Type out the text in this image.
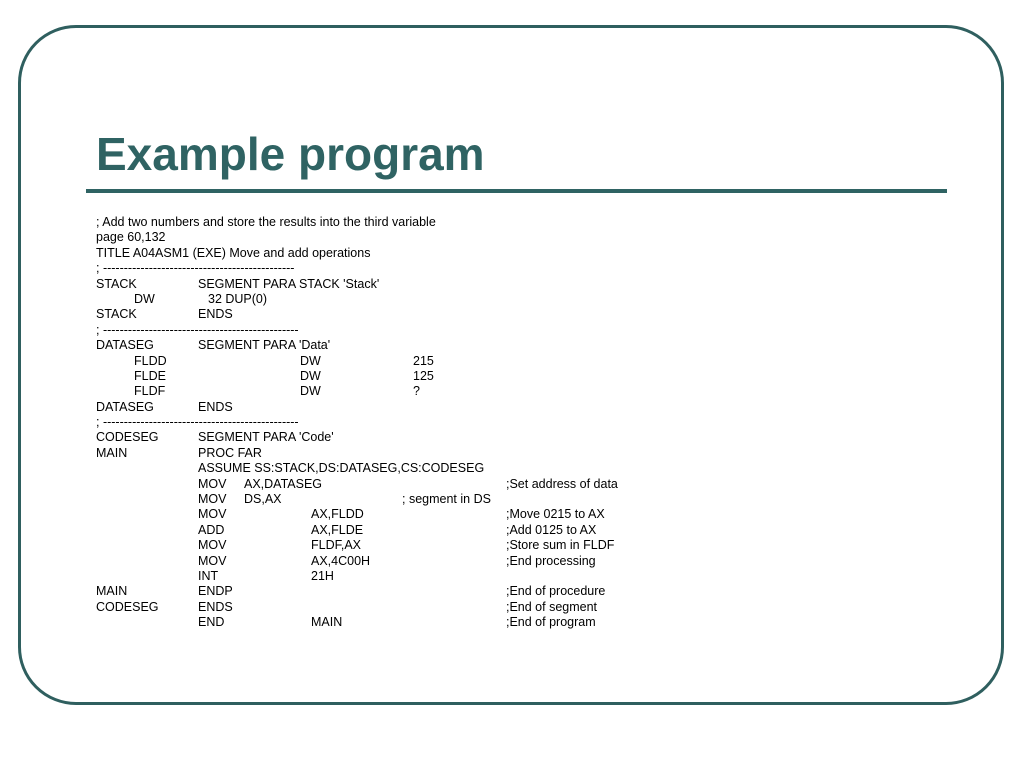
Example program
; Add two numbers and store the results into the third variable
page 60,132
TITLE A04ASM1 (EXE) Move and add operations
; ----------------------------------------------
STACK	SEGMENT PARA STACK 'Stack'
DW	32 DUP(0)
STACK	ENDS
; -----------------------------------------------
DATASEG	SEGMENT PARA 'Data'
FLDD	DW	215
FLDE	DW	125
FLDF	DW	?
DATASEG	ENDS
; -----------------------------------------------
CODESEG	SEGMENT PARA 'Code'
MAIN	PROC FAR
ASSUME SS:STACK,DS:DATASEG,CS:CODESEG
MOV AX,DATASEG	;Set address of data
MOV DS,AX	; segment in DS
MOV	AX,FLDD	;Move 0215 to AX
ADD	AX,FLDE	;Add 0125 to AX
MOV	FLDF,AX	;Store sum in FLDF
MOV	AX,4C00H	;End processing
INT	21H
MAIN	ENDP	;End of procedure
CODESEG	ENDS	;End of segment
END	MAIN	;End of program
